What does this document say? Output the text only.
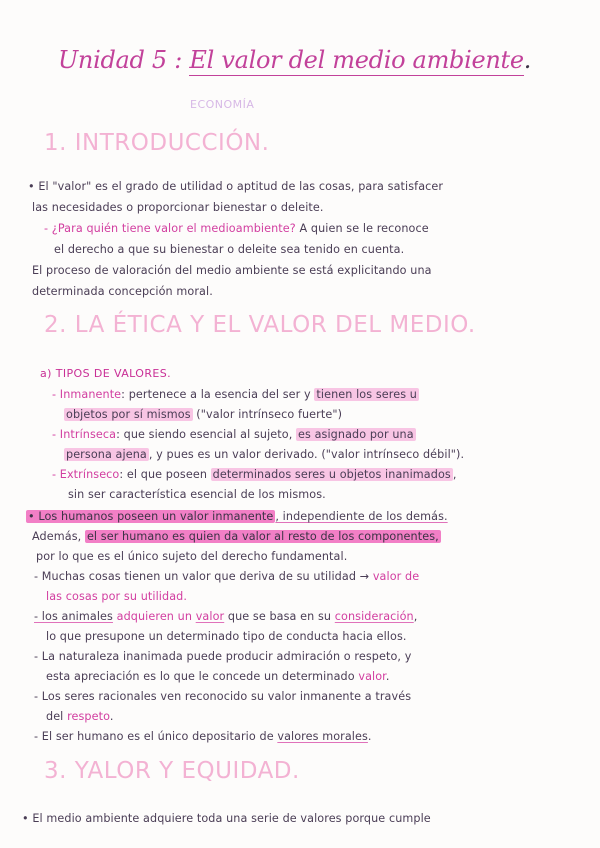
Unidad 5 : El valor del medio ambiente.
ECONOMÍA
1. INTRODUCCIÓN.
• El "valor" es el grado de utilidad o aptitud de las cosas, para satisfacer
las necesidades o proporcionar bienestar o deleite.
- ¿Para quién tiene valor el medioambiente? A quien se le reconoce
el derecho a que su bienestar o deleite sea tenido en cuenta.
El proceso de valoración del medio ambiente se está explicitando una
determinada concepción moral.
2. LA ÉTICA Y EL VALOR DEL MEDIO.
a) TIPOS DE VALORES.
- Inmanente: pertenece a la esencia del ser y tienen los seres u
objetos por sí mismos ("valor intrínseco fuerte")
- Intrínseca: que siendo esencial al sujeto, es asignado por una
persona ajena , y pues es un valor derivado. ("valor intrínseco débil").
- Extrínseco: el que poseen determinados seres u objetos inanimados ,
sin ser característica esencial de los mismos.
• Los humanos poseen un valor inmanente , independiente de los demás.
Además, el ser humano es quien da valor al resto de los componentes,
por lo que es el único sujeto del derecho fundamental.
- Muchas cosas tienen un valor que deriva de su utilidad → valor de
las cosas por su utilidad.
- los animales adquieren un valor que se basa en su consideración,
lo que presupone un determinado tipo de conducta hacia ellos.
- La naturaleza inanimada puede producir admiración o respeto, y
esta apreciación es lo que le concede un determinado valor.
- Los seres racionales ven reconocido su valor inmanente a través
del respeto.
- El ser humano es el único depositario de valores morales.
3. YALOR Y EQUIDAD.
• El medio ambiente adquiere toda una serie de valores porque cumple
